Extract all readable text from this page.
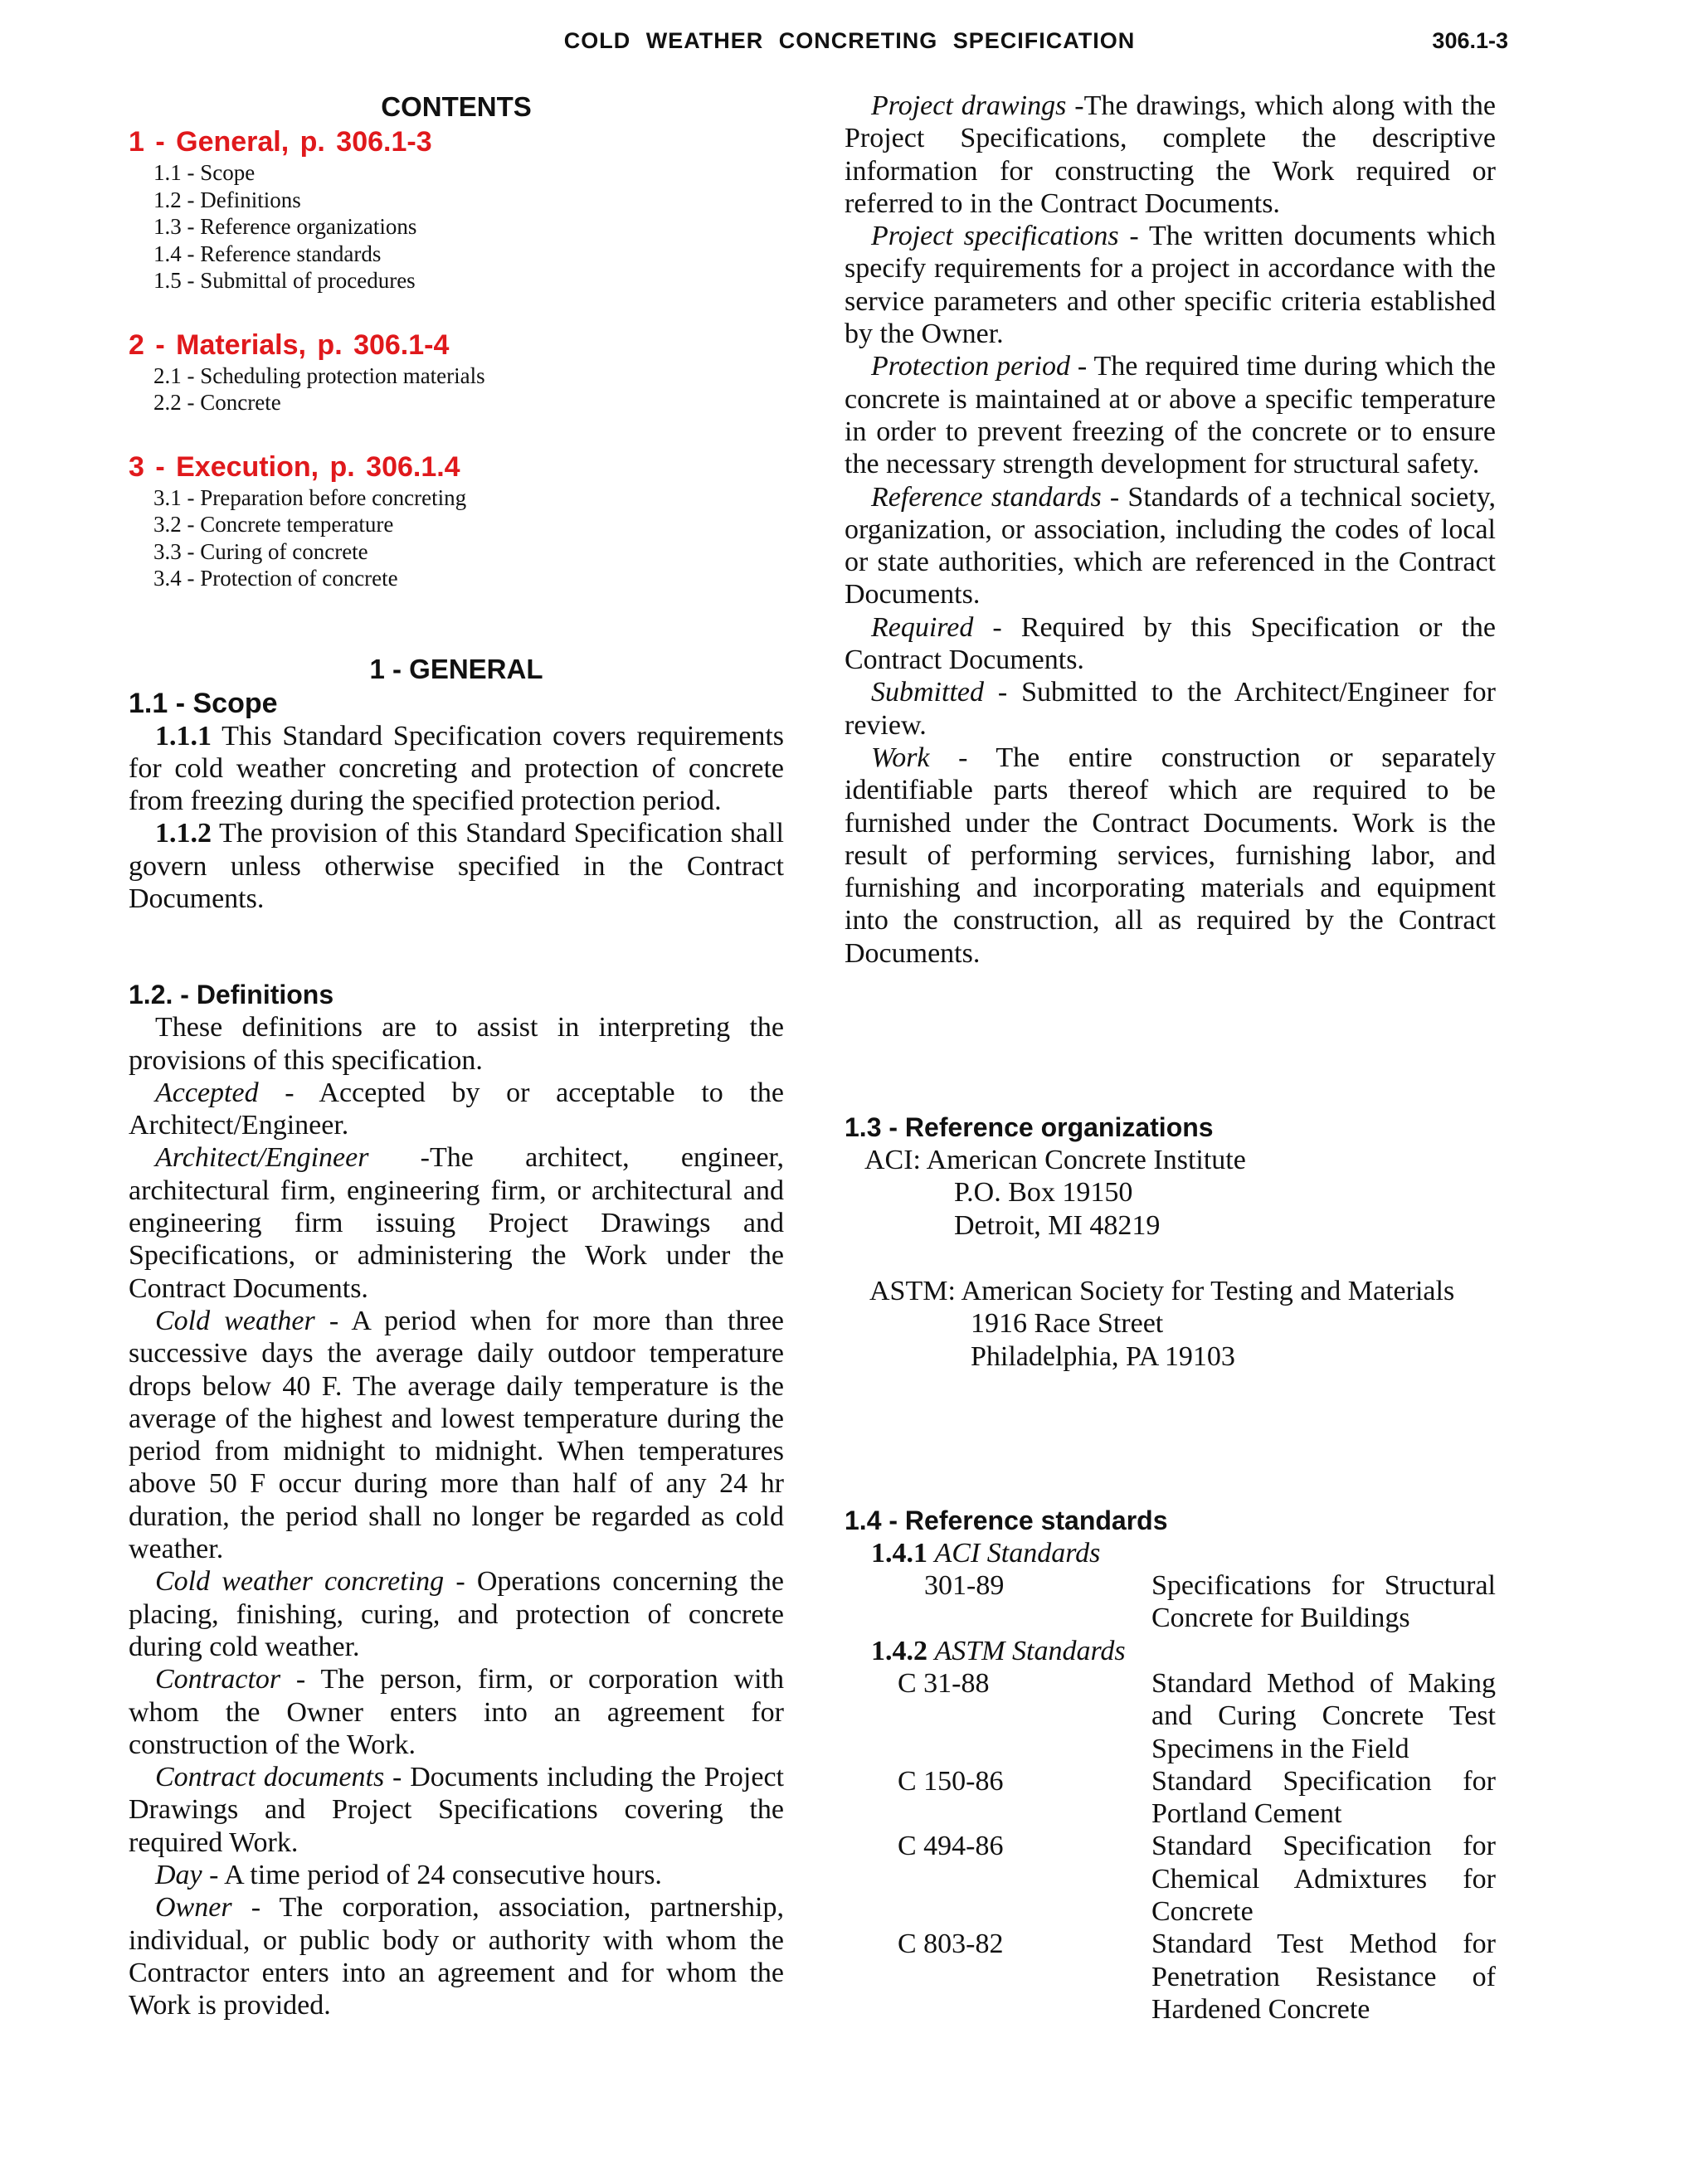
COLD WEATHER CONCRETING SPECIFICATION	306.1-3
CONTENTS
1 - General, p. 306.1-3
1.1 - Scope
1.2 - Definitions
1.3 - Reference organizations
1.4 - Reference standards
1.5 - Submittal of procedures
2 - Materials, p. 306.1-4
2.1 - Scheduling protection materials
2.2 - Concrete
3 - Execution, p. 306.1.4
3.1 - Preparation before concreting
3.2 - Concrete temperature
3.3 - Curing of concrete
3.4 - Protection of concrete
1 - GENERAL
1.1 - Scope

1.1.1 This Standard Specification covers requirements for cold weather concreting and protection of concrete from freezing during the specified protection period.

1.1.2 The provision of this Standard Specification shall govern unless otherwise specified in the Contract Documents.

1.2. - Definitions

These definitions are to assist in interpreting the provisions of this specification.

Accepted - Accepted by or acceptable to the Architect/Engineer.

Architect/Engineer -The architect, engineer, architectural firm, engineering firm, or architectural and engineering firm issuing Project Drawings and Specifications, or administering the Work under the Contract Documents.

Cold weather - A period when for more than three successive days the average daily outdoor temperature drops below 40 F. The average daily temperature is the average of the highest and lowest temperature during the period from midnight to midnight. When temperatures above 50 F occur during more than half of any 24 hr duration, the period shall no longer be regarded as cold weather.

Cold weather concreting - Operations concerning the placing, finishing, curing, and protection of concrete during cold weather.

Contractor - The person, firm, or corporation with whom the Owner enters into an agreement for construction of the Work.

Contract documents - Documents including the Project Drawings and Project Specifications covering the required Work.

Day - A time period of 24 consecutive hours.

Owner - The corporation, association, partnership, individual, or public body or authority with whom the Contractor enters into an agreement and for whom the Work is provided.

Project drawings -The drawings, which along with the Project Specifications, complete the descriptive information for constructing the Work required or referred to in the Contract Documents.

Project specifications - The written documents which specify requirements for a project in accordance with the service parameters and other specific criteria established by the Owner.

Protection period - The required time during which the concrete is maintained at or above a specific temperature in order to prevent freezing of the concrete or to ensure the necessary strength development for structural safety.

Reference standards - Standards of a technical society, organization, or association, including the codes of local or state authorities, which are referenced in the Contract Documents.

Required - Required by this Specification or the Contract Documents.

Submitted - Submitted to the Architect/Engineer for review.

Work - The entire construction or separately identifiable parts thereof which are required to be furnished under the Contract Documents. Work is the result of performing services, furnishing labor, and furnishing and incorporating materials and equipment into the construction, all as required by the Contract Documents.

1.3 - Reference organizations
ACI: American Concrete Institute
P.O. Box 19150
Detroit, MI 48219
ASTM: American Society for Testing and Materials
1916 Race Street
Philadelphia, PA 19103
1.4 - Reference standards
1.4.1 ACI Standards
301-89	Specifications for Structural Concrete for Buildings
1.4.2 ASTM Standards
C 31-88	Standard Method of Making and Curing Concrete Test Specimens in the Field
C 150-86	Standard Specification for Portland Cement
C 494-86	Standard Specification for Chemical Admixtures for Concrete
C 803-82	Standard Test Method for Penetration Resistance of Hardened Concrete
